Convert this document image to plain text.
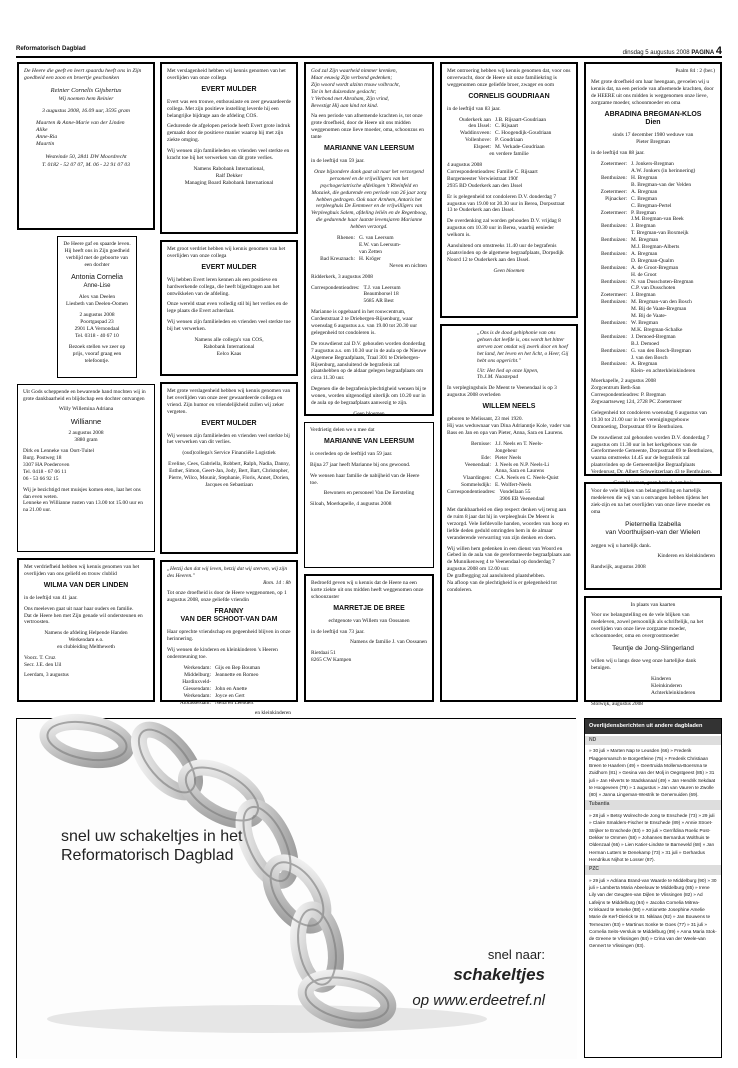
Reformatorisch Dagblad
dinsdag 5 augustus 2008 PAGINA 4
De Heere die geeft en leert spaardu heeft ons in Zijn goedheid een zoon en broertje geschonken
Reinier Cornelis Gijsbertus
Wij noemen hem Reinier
3 augustus 2008, 16.09 uur, 3595 gram
Maarten & Anne-Marie van der Linden
Alike
Anne-Ria
Maartin
Westeinde 50, 2841 DW Moordrecht
T. 0182 - 52 07 07, M. 06 - 22 91 07 03
De Heere gaf en spaarde leven. Hij heeft ons in Zijn goedheid verblijd met de geboorte van een dochter
Antonia Cornelia
Anne-Lise
Alex van Deelen
Liesbeth van Deelen-Oomen
2 augustus 2008
Poortgaspad 23
2901 LA Vernondaal
Tel. 0318 - 40 67 10
Bezoek stellen we zeer op prijs, vooraf graag een telefoontje.
Uit Gods scheppende en bewarende hand mochten wij in grote dankbaarheid en blijdschap een dochter ontvangen
Willy Willemina Adriana
Willianne
2 augustus 2008
3880 gram
Dirk en Lenneke van Oort-Tuitel
Burg. Postweg 18
3307 HA Poederoven
Tel. 0418 - 67 06 11
06 - 53 66 92 15
Wij je bezichtigd met muisjes komen eten, laat het ons dan even weten.
Lenneke en Willianne rusten van 13.00 tot 15.00 uur en na 21.00 uur.
Met verdriefheid hebben wij kennis genomen van het overlijden van ons geliefd en trouw clublid
WILMA VAN DER LINDEN
in de leeftijd van 41 jaar.
Ons meeleven gaat uit naar haar ouders en familie.
Dat de Heere hen met Zijn genade wil ondersteunen en vertroosten.
Namens de afdeling Helpende Handen
Werkendam e.o.
en clubleiding Meltheweth
Voorz. T. Cruz
Secr. J.E. den Uil
Leerdam, 3 augustus
Met verslagenheid hebben wij kennis genomen van het overlijden van onze collega
EVERT MULDER
Evert was een trouwe, enthousiaste en zeer gewaardeerde collega. Met zijn positieve instelling leverde hij een belangrijke bijdrage aan de afdeling COS.
Gedurende de afgelopen periode heeft Evert grote indruk gemaakt door de positieve manier waarop hij met zijn ziekte omging.
Wij wensen zijn familieleden en vrienden veel sterkte en kracht toe bij het verwerken van dit grote verlies.
Namens Rabobank International,
Ralf Dekker
Managing Board Rabobank International
Met groot verdriet hebben wij kennis genomen van het overlijden van onze collega
EVERT MULDER
Wij hebben Evert leren kennen als een positieve en hardwerkende collega, die heeft bijgedragen aan het ontwikkelen van de afdeling.
Onze wereld staat even volledig stil bij het verlies en de lege plaats die Evert achterlaat.
Wij wensen zijn familieleden en vrienden veel sterkte toe bij het verwerken.
Namens alle collega's van COS,
Rabobank International
Eelco Kaas
Met grote verslagenheid hebben wij kennis genomen van het overlijden van onze zeer gewaardeerde collega en vriend. Zijn humor en vriendelijkheid zullen wij zeker vergeten.
EVERT MULDER
Wij wensen zijn familieleden en vrienden veel sterkte bij het verwerken van dit verlies.
(oud)collega's Service Financiële Logistiek
Eveline, Cees, Gabriella, Robbert, Ralph, Nadia, Danny, Esther, Simon, Geert-Jan, Jody, Bert, Bart, Christopher, Pierre, Wilco, Mounir, Stephanie, Floris, Annet, Dorien, Jacques en Sebastiaan
„Hetzij dan dat wij leven, hetzij dat wij sterven, wij zijn des Heeren."
Rom. 14 : 8b
Tot onze droefheid is door de Heere weggenomen, op 1 augustus 2008, onze geliefde vriendin
FRANNY
VAN DER SCHOOT-VAN DAM
Haar oprechte vriendschap en gegeenheid blijven in onze herinnering.
Wij wensen de kinderen en kleinkinderen 's Heeren ondersteuning toe.
Werkendam: Gijs en Bep Bouman
Middelburg: Jeannette en Romeo
Hardinxveld-
Giessendam: John en Anette
Werkendam: Joyce en Gert
Alblasserdam: Nelia en Leendert
en kleinkinderen
God zal Zijn waarheid nimmer krenken,
Maar eeuwig Zijn verbond gedenken;
Zijn woord wordt alzinn trouw volbracht,
Tot in het duizendste geslacht;
't Verbond met Abraham, Zijn vrind,
Bevestigt Hij aan kind tot kind.
Na een periode van afnemende krachten is, tot onze grote droefheid, door de Heere uit ons midden weggenomen onze lieve moeder, oma, schoonzus en tante
MARIANNE VAN LEERSUM
in de leeftijd van 59 jaar.
Onze bijzondere dank gaat uit naar het verzorgend personeel en de vrijwilligers van het psychogeriatrische afdelingen 't Rheinfeld en Mozaiek, die gedurende een periode van 26 jaar zorg hebben gedragen. Ook naar Arnhem, Antaris het verpleeghuis De Eemmeer en de vrijwilligers van Verpleeghuis Salem, afdeling leliën en de Regenboog, die gedurende haar laatste levensjaren Marianne hebben verzorgd.
Rhenen: G. van Leersum
E.W. van Leersum-
van Zetten
Bad Kreuznach: H. Kröger
Neven en nichten
Ridderkerk, 3 augustus 2008
Correspondentieadres: T.J. van Leersum
Beaumborsel 18
5685 AR Best
Marianne is opgebaard in het rouwcentrum, Cordeststraat 2 te Driebergen-Rijsenburg, waar woensdag 6 augustus a.s. van 19.00 tot 20.30 uur gelegenheid tot condoleren is.
De rouwdienst zal D.V. gehouden worden donderdag 7 augustus a.s. om 10.30 uur in de aula op de Nieuwe Algemene Begraafplaats, Traal 301 te Driebergen-Rijsenburg, aansluitend de begrafenis zal plaatshebben op de aldaar gelegen begraafplaats om circa 11.30 uur.
Degenen die de begrafenis/plechtigheid wensen bij te wonen, worden uitgenodigd uiterlijk om 10.20 uur in de aula op de begraafplaats aanwezig te zijn.
Geen bloemen
Verdrietig delen we u mee dat
MARIANNE VAN LEERSUM
is overleden op de leeftijd van 59 jaar.
Bijna 27 jaar heeft Marianne bij ons gewoond.
We wensen haar familie de nabijheid van de Heere toe.
Bewoners en personeel Van De Eersteling
Siloah, Moerkapelle, 4 augustus 2008
Bedroefd geven wij u kennis dat de Heere na een korte ziekte uit ons midden heeft weggenomen onze schoonzuster
MARRETJE DE BREE
echtgenote van Willem van Oossanen
in de leeftijd van 73 jaar.
Namens de familie J. van Oossanen
Rietdaai 51
8265 CW Kampen
Met ontroering hebben wij kennis genomen dat, voor ons onverwacht, door de Heere uit onze familiekring is weggenomen onze geliefde broer, zwager en oom
CORNELIS GOUDRIAAN
in de leeftijd van 83 jaar.
Ouderkerk aan
den IJssel:
J.B. Rijsaart-Goudriaan
C. Rijsaart
Waddinxveen: C. Hoogendijk-Goudriaan
Vollenhove: P. Goudriaan
Elspeet: M. Verkade-Goudriaan
en verdere familie
4 augustus 2008
Correspondentieadres: Familie C. Rijsaart
Burgemeester Verwieistraat 190f
2935 BD Ouderkerk aan den IJssel
Er is gelegenheid tot condoleren D.V. donderdag 7 augustus van 19.00 tot 20.30 uur in Berea, Dorpsstraat 13 te Ouderkerk aan den IJssel.
De overdenking zal worden gehouden D.V. vrijdag 8 augustus om 10.30 uur in Berea, waarbij eenieder welkom is.
Aansluitend om omstreeks 11.40 uur de begrafenis plaatsvinden op de algemene begraafplaats, Dorpsdijk Noord 12 te Ouderkerk aan den IJssel.
Geen bloemen
„Ons is de dood gebiphonie van ons gehsen dat leefde is, ons wordt het bitter sterven zoet omdat wij zwerk door en hoef het land, het leven en het licht, o Heer, Gij hebt ons opgericht."
Uit: Het lied op onze lippen,
Th.J.M. Naastepad
In verplegingshuis De Meent te Veenendaal is op 3 augustus 2008 overleden
WILLEM NEELS
geboren te Melissant, 23 mei 1920.
Hij was weduwnaar van Dina Adrianntje Kole, vader van Bass en Jan en opa van Pieter, Anna, Sara en Laurens.
Bernisse: J.J. Neels en T. Neels-
Jongebeur
Ede: Pieter Neels
Veenendaal: J. Neels en N.P. Neels-Li
Anna, Sara en Laurens
Vlaardingen: C.A. Neels en C. Neels-Quist
Sommelsdijk: E. Wolfert-Neels
Correspondentieadres: Vondellaan 55
3906 EB Veenendaal
Met dankbaarheid en diep respect denken wij terug aan de ruim 8 jaar dat hij in verpleeghuis De Meent is verzorgd. Vele liefdevolle handen, woorden van hoop en liefde deden geduld omringden hem in de almaar veranderende verwarring van zijn denken en doen.
Wij willen hem gedenken in een dienst van Woord en Gebed in de aula van de gereformeerde begraafplaats aan de Munnikenweg 4 te Veenendaal op donderdag 7 augustus 2008 om 12.00 uur.
De grafbegging zal aansluitend plaatshebben.
Na afloop van de plechtigheid is er gelegenheid tot condoleren.
Psalm 84 : 2 (ber.)
Met grote droefheid om haar heengaan, gevoelen wij u kennis dat, na een periode van afnemende krachten, door de HEERE uit ons midden is weggenomen onze lieve, zorgzame moeder, schoonmoeder en oma
ABRADINA BREGMAN-KLOS
Dien
sinds 17 december 1980 weduwe van
Pieter Bregman
in de leeftijd van 88 jaar.
Zoetermeer: J. Jonkers-Bregman
A.W. Jonkers (in herinnering)
Benthuizen: H. Bregman
B. Bregman-van der Velden
Zoetermeer: A. Bregman
Pijnacker: C. Bregman
C. Bregman-Pertel
Zoetermeer: P. Bregman
J.M. Bregman-van Beek
Benthuizen: J. Bregman
T. Bregman-van Boxmeijk
Benthuizen: M. Bregman
M.J. Bregman-Alberts
Benthuizen: A. Bregman
D. Bregman-Qualm
Benthuizen: A. de Groot-Bregman
H. de Groot
Benthuizen: N. van Dusschoten-Bregman
C.P. van Dusschoten
Zoetermeer: J. Bregman
Benthuizen: M. Bregman-van den Bosch
M. Bij de Vaate-Bregman
M. Bij de Vaate-
Benthuizen: W. Bregman
M.K. Bregman-Schalke
Benthuizen: J. Demoed-Bregman
B.J. Demoed
Benthuizen: G. van den Bosch-Bregman
J. van den Bosch
Benthuizen: A. Bregman
Klein- en achterkleinkinderen
Moerkapelle, 2 augustus 2008
Zorgcentrum Beth-San
Correspondentieadres: P. Bregman
Zegwaartseweg 124, 2728 PC Zoetermeer
Gelegenheid tot condoleren woensdag 6 augustus van 19.30 tot 21.00 uur in het verenigingsgebouw Ontmoeting, Dorpsstraat 69 te Benthuizen.
De rouwdienst zal gehouden worden D.V. donderdag 7 augustus om 11.30 uur in het kerkgebouw van de Gereformeerde Gemeente, Dorpsstraat 69 te Benthuizen, waarna omstreeks 14.45 uur de begrafenis zal plaatsvinden op de Gemeentelijke Begraafplaats Verdenrust, Dr. Albert Schweitzerlaan 43 te Benthuizen.
Geen bloemen, geen bezoek aan huis
Voor de vele blijken van belangstelling en hartelijk medeleven die wij van u ontvangen hebben tijdens het ziek-zijn en na het overlijden van onze lieve moeder en oma
Pieternella Izabella
van Voorthuijsen-van der Wielen
zeggen wij u hartelijk dank.
Kinderen en kleinkinderen
Randwijk, augustus 2008
In plaats van kaarten
Voor uw belangstelling en de vele blijken van medeleven, zowel persoonlijk als schriftelijk, na het overlijden van onze lieve zorgzame moeder, schoonmoeder, oma en overgrootmoeder
Teuntje de Jong-Slingerland
willen wij u langs deze weg onze hartelijke dank betuigen.
Kinderen
Kleinkinderen
Achterkleinkinderen
Stolwijk, augustus 2008
snel uw schakeltjes in het
Reformatorisch Dagblad
snel naar:
schakeltjes
op www.erdeetref.nl
Overlijdensberichten uit andere dagbladen
ND
» 30 juli » Marten Nap te Leusden (66) » Frederik Plaggenmarsch te Borgertfeine (75) » Frederik Christiaan Breen te Haarlem (49) » Geertruida Mollema-Boersma te Zuidhorn (81) » Gesina van der Molj in Oegstgeest (85) » 31 juli » Jan Hilverts te Stadskanaal (49) » Jan Hendrik Sekdaat te Hoogeveen (79) » 1 augustus » Jan van Vauren te Zwolle (80) » Janna Lingeman-Westrik te Genemuiden (69).
Tubantia
» 28 juli » Betsy Wolrecht-de Jong te Enschede (73) » 29 juli » Claire Smalders-Fischer te Enschede (89) » Annie Stroet-Strijker te Enschede (83) » 30 juli » Gerrifdina Roelic Post-Dekker te Ommen (58) » Johannes Bernardus Wolthuis te Oldenzaal (66) » Lien Katier-Lindste te Barneveld (68) » Jan Herman Lutters te Denekamp (73) » 31 juli » Gerhardus Hendrikus Nijhot te Losser (87).
PZC
» 29 juli » Adriana Brand-van Waarde te Middelburg (90) » 30 juli » Lamberta Maria Abeelouw te Middelburg (85) » Irene Lily van der Geugten-van Dijlen te Vlissingen (82) » Ad Lafeijns te Middelburg (84) » Jacoba Cornelia Mitrea-Krinkaard te Ierseke (88) » Antionette Josephine Amelie Marie de Kerf-Dierick te St. Niklaas (92) » Jan Bouwens te Terneuzen (83) » Martinus Sonke te Goes (77) » 31 juli » Cornelia Seits-Versluis te Middelburg (89) » Anna Maria Stok-de Greene te Vlissingen (84) » Crina van der Weele-van Gennert te Vlissingen (83).
